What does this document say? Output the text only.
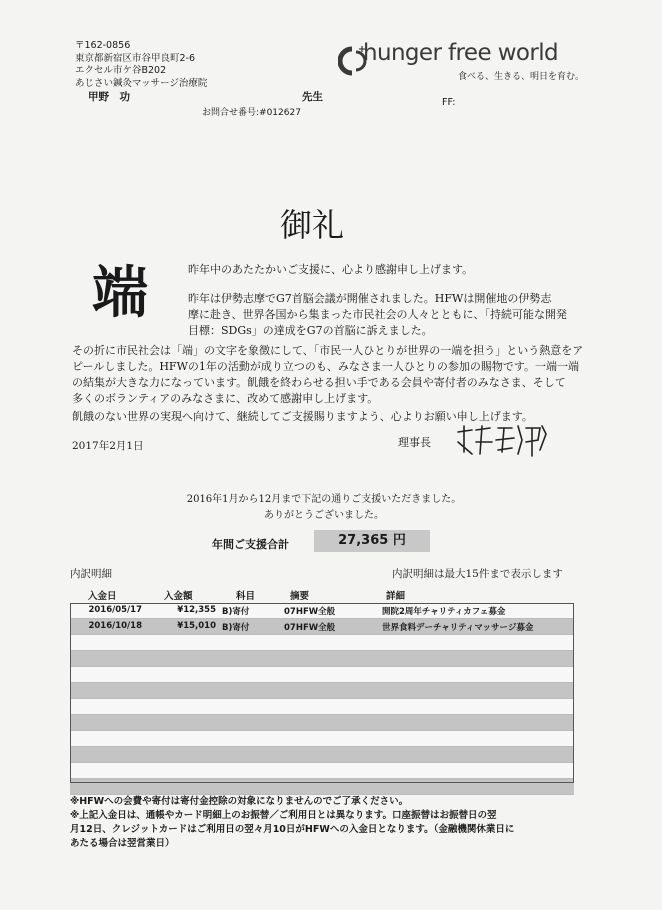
〒162-0856
東京都新宿区市谷甲良町2-6
エクセル市ケ谷B202
あじさい鍼灸マッサージ治療院
甲野　功	先生
お問合せ番号:#012627
FF:
hunger free world
食べる、生きる、明日を育む。
御礼
端	昨年中のあたたかいご支援に、心より感謝申し上げます。
昨年は伊勢志摩でG7首脳会議が開催されました。HFWは開催地の伊勢志
摩に赴き、世界各国から集まった市民社会の人々とともに、「持続可能な開発
目標：SDGs」の達成をG7の首脳に訴えました。
その折に市民社会は「端」の文字を象徴にして、「市民一人ひとりが世界の一端を担う」という熱意をア
ピールしました。HFWの1年の活動が成り立つのも、みなさま一人ひとりの参加の賜物です。一端一端
の結集が大きな力になっています。飢餓を終わらせる担い手である会員や寄付者のみなさま、そして
多くのボランティアのみなさまに、改めて感謝申し上げます。
飢餓のない世界の実現へ向けて、継続してご支援賜りますよう、心よりお願い申し上げます。
2017年2月1日	理事長
2016年1月から12月まで下記の通りご支援いただきました。
ありがとうございました。
年間ご支援合計	27,365 円
内訳明細	内訳明細は最大15件まで表示します
入金日	入金額	科目	摘要	詳細
2016/05/17	¥12,355 B)寄付	07HFW全般	開院2周年チャリティカフェ募金
2016/10/18	¥15,010 B)寄付	07HFW全般	世界食料デーチャリティマッサージ募金
※HFWへの会費や寄付は寄付金控除の対象になりませんのでご了承ください。
※上記入金日は、通帳やカード明細上のお振替／ご利用日とは異なります。口座振替はお振替日の翌
月12日、クレジットカードはご利用日の翌々月10日がHFWへの入金日となります。（金融機関休業日に
あたる場合は翌営業日）
